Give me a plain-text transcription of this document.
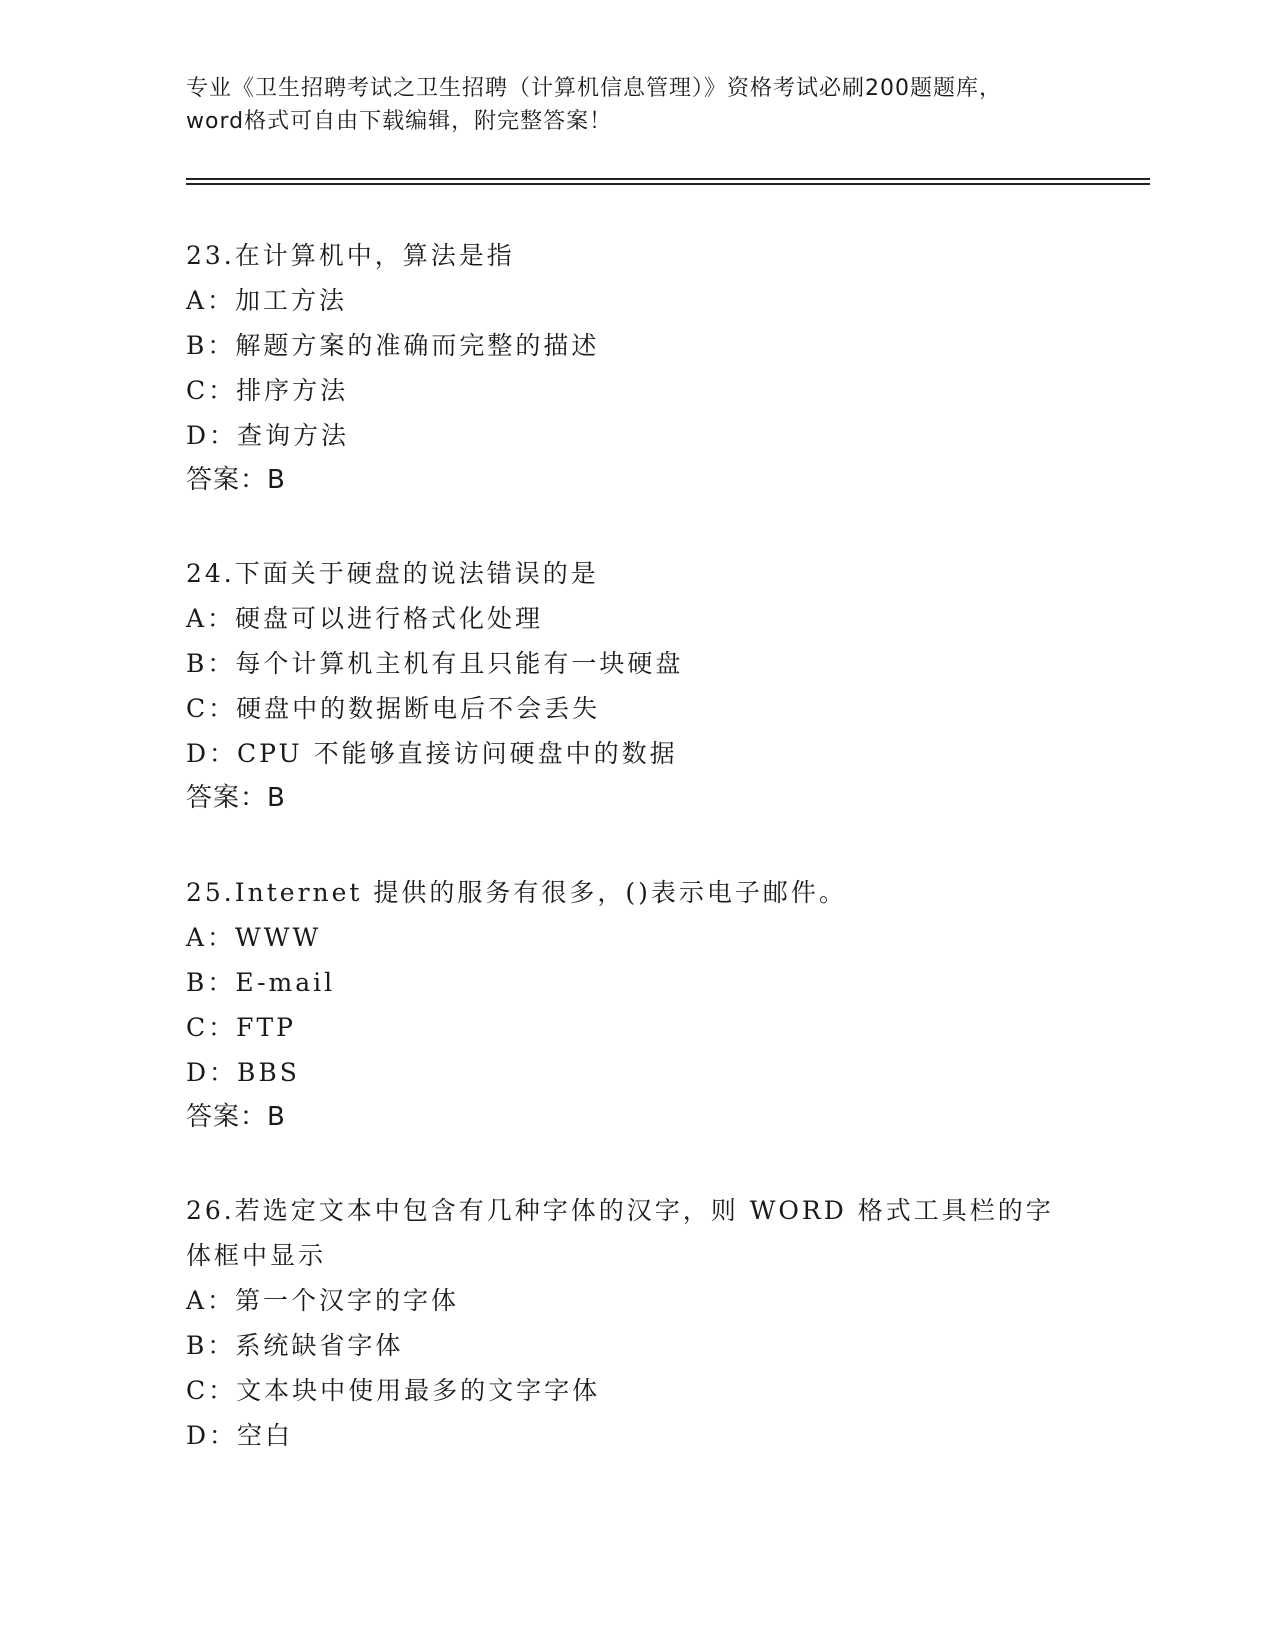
专业《卫生招聘考试之卫生招聘（计算机信息管理）》资格考试必刷200题题库，
word格式可自由下载编辑，附完整答案！
23.在计算机中，算法是指
A：加工方法
B：解题方案的准确而完整的描述
C：排序方法
D：查询方法
答案：B
24.下面关于硬盘的说法错误的是
A：硬盘可以进行格式化处理
B：每个计算机主机有且只能有一块硬盘
C：硬盘中的数据断电后不会丢失
D：CPU 不能够直接访问硬盘中的数据
答案：B
25.Internet 提供的服务有很多，()表示电子邮件。
A：WWW
B：E-mail
C：FTP
D：BBS
答案：B
26.若选定文本中包含有几种字体的汉字，则 WORD 格式工具栏的字体框中显示
A：第一个汉字的字体
B：系统缺省字体
C：文本块中使用最多的文字字体
D：空白
